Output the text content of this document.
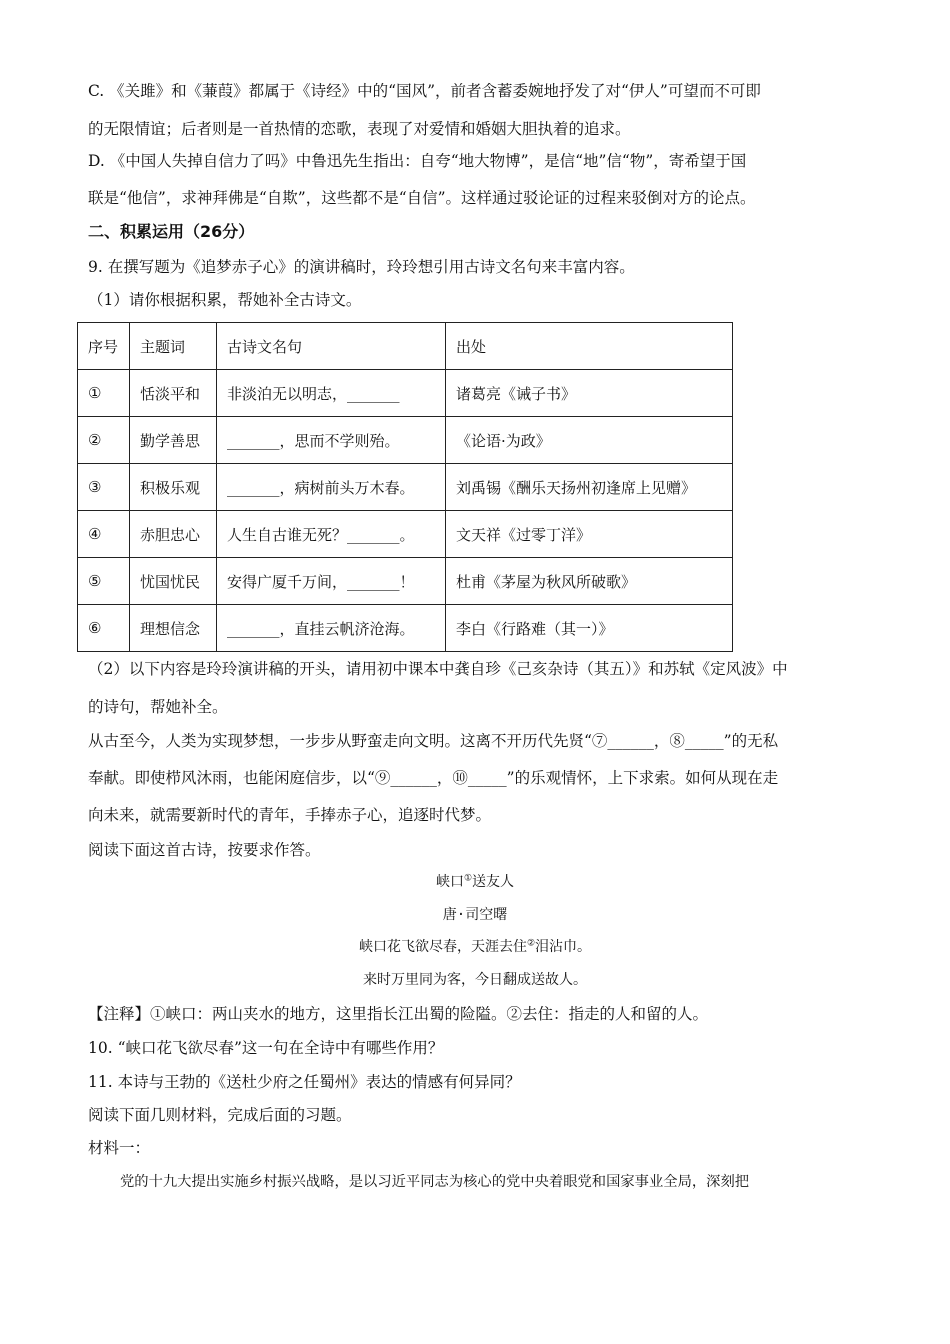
C. 《关雎》和《蒹葭》都属于《诗经》中的“国风”，前者含蓄委婉地抒发了对“伊人”可望而不可即
的无限情谊；后者则是一首热情的恋歌，表现了对爱情和婚姻大胆执着的追求。
D. 《中国人失掉自信力了吗》中鲁迅先生指出：自夸“地大物博”，是信“地”信“物”，寄希望于国
联是“他信”，求神拜佛是“自欺”，这些都不是“自信”。这样通过驳论证的过程来驳倒对方的论点。
二、积累运用（26分）
9. 在撰写题为《追梦赤子心》的演讲稿时，玲玲想引用古诗文名句来丰富内容。
（1）请你根据积累，帮她补全古诗文。
序号	主题词	古诗文名句	出处
①	恬淡平和	非淡泊无以明志，_______	诸葛亮《诫子书》
②	勤学善思	_______，思而不学则殆。	《论语·为政》
③	积极乐观	_______，病树前头万木春。	刘禹锡《酬乐天扬州初逢席上见赠》
④	赤胆忠心	人生自古谁无死？_______。	文天祥《过零丁洋》
⑤	忧国忧民	安得广厦千万间，_______！	杜甫《茅屋为秋风所破歌》
⑥	理想信念	_______，直挂云帆济沧海。	李白《行路难（其一）》
（2）以下内容是玲玲演讲稿的开头，请用初中课本中龚自珍《己亥杂诗（其五）》和苏轼《定风波》中
的诗句，帮她补全。
从古至今，人类为实现梦想，一步步从野蛮走向文明。这离不开历代先贤“⑦______，⑧_____”的无私
奉献。即使栉风沐雨，也能闲庭信步，以“⑨______，⑩_____”的乐观情怀，上下求索。如何从现在走
向未来，就需要新时代的青年，手捧赤子心，追逐时代梦。
阅读下面这首古诗，按要求作答。
峡口①送友人
唐·司空曙
峡口花飞欲尽春，天涯去住②泪沾巾。
来时万里同为客，今日翻成送故人。
【注释】①峡口：两山夹水的地方，这里指长江出蜀的险隘。②去住：指走的人和留的人。
10. “峡口花飞欲尽春”这一句在全诗中有哪些作用？
11. 本诗与王勃的《送杜少府之任蜀州》表达的情感有何异同？
阅读下面几则材料，完成后面的习题。
材料一：
党的十九大提出实施乡村振兴战略，是以习近平同志为核心的党中央着眼党和国家事业全局，深刻把
